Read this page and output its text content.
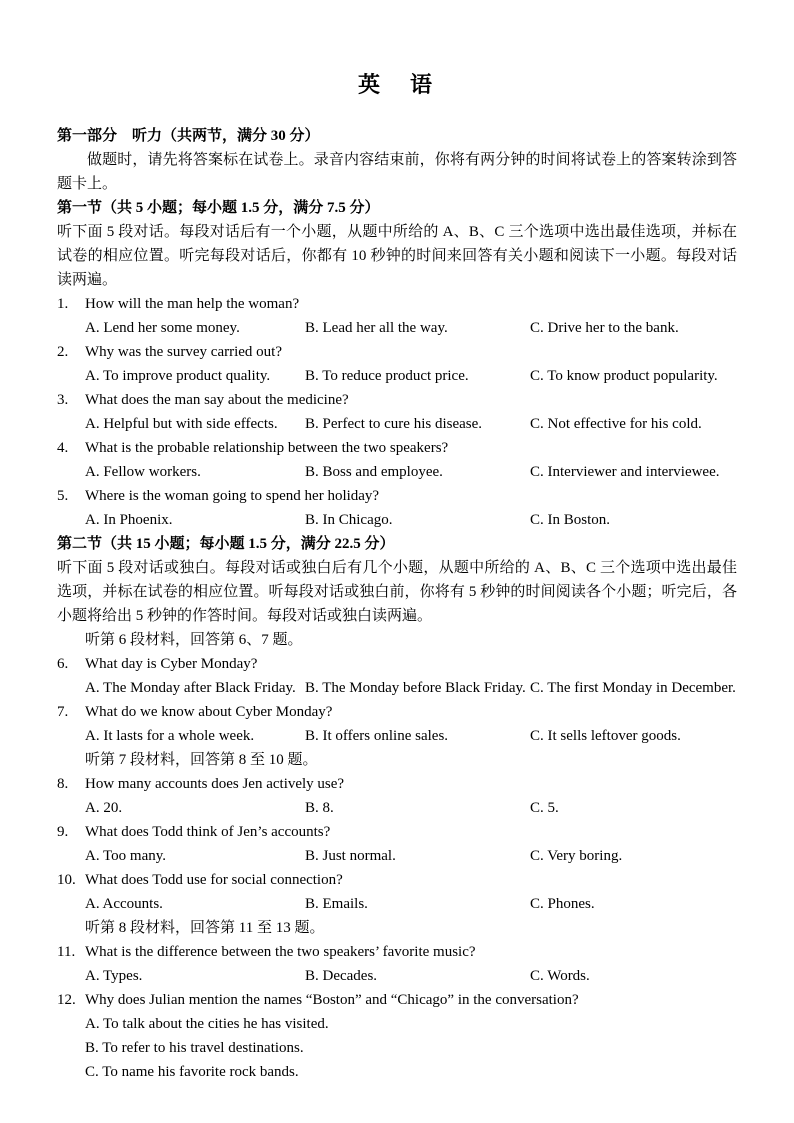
英　语
第一部分　听力（共两节，满分 30 分）
做题时，请先将答案标在试卷上。录音内容结束前，你将有两分钟的时间将试卷上的答案转涂到答题卡上。
第一节（共 5 小题；每小题 1.5 分，满分 7.5 分）
听下面 5 段对话。每段对话后有一个小题，从题中所给的 A、B、C 三个选项中选出最佳选项，并标在试卷的相应位置。听完每段对话后，你都有 10 秒钟的时间来回答有关小题和阅读下一小题。每段对话读两遍。
1.	How will the man help the woman?
A. Lend her some money.	B. Lead her all the way.	C. Drive her to the bank.
2.	Why was the survey carried out?
A. To improve product quality.	B. To reduce product price.	C. To know product popularity.
3.	What does the man say about the medicine?
A. Helpful but with side effects.	B. Perfect to cure his disease.	C. Not effective for his cold.
4.	What is the probable relationship between the two speakers?
A. Fellow workers.	B. Boss and employee.	C. Interviewer and interviewee.
5.	Where is the woman going to spend her holiday?
A. In Phoenix.	B. In Chicago.	C. In Boston.
第二节（共 15 小题；每小题 1.5 分，满分 22.5 分）
听下面 5 段对话或独白。每段对话或独白后有几个小题，从题中所给的 A、B、C 三个选项中选出最佳选项，并标在试卷的相应位置。听每段对话或独白前，你将有 5 秒钟的时间阅读各个小题；听完后，各小题将给出 5 秒钟的作答时间。每段对话或独白读两遍。
听第 6 段材料，回答第 6、7 题。
6.	What day is Cyber Monday?
A. The Monday after Black Friday. B. The Monday before Black Friday. C. The first Monday in December.
7.	What do we know about Cyber Monday?
A. It lasts for a whole week.	B. It offers online sales.	C. It sells leftover goods.
听第 7 段材料，回答第 8 至 10 题。
8.	How many accounts does Jen actively use?
A. 20.	B. 8.	C. 5.
9.	What does Todd think of Jen’s accounts?
A. Too many.	B. Just normal.	C. Very boring.
10. What does Todd use for social connection?
A. Accounts.	B. Emails.	C. Phones.
听第 8 段材料，回答第 11 至 13 题。
11. What is the difference between the two speakers’ favorite music?
A. Types.	B. Decades.	C. Words.
12. Why does Julian mention the names “Boston” and “Chicago” in the conversation?
A. To talk about the cities he has visited.
B. To refer to his travel destinations.
C. To name his favorite rock bands.
